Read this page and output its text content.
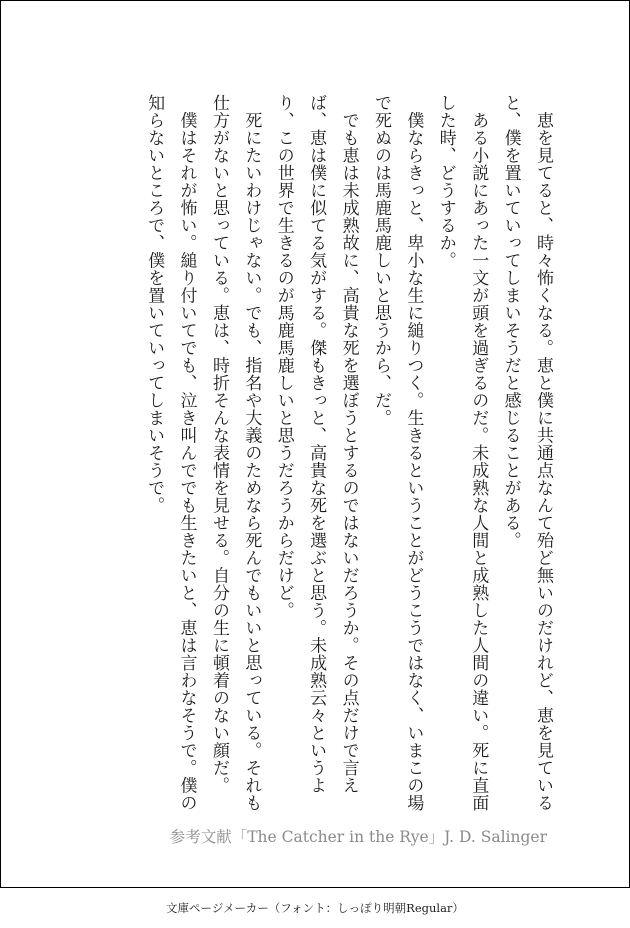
　恵を見てると、時々怖くなる。恵と僕に共通点なんて殆ど無いのだけれど、恵を見ていると、僕を置いていってしまいそうだと感じることがある。

　ある小説にあった一文が頭を過ぎるのだ。未成熟な人間と成熟した人間の違い。死に直面した時、どうするか。

　僕ならきっと、卑小な生に縋りつく。生きるということがどうこうではなく、いまこの場で死ぬのは馬鹿馬鹿しいと思うから、だ。

　でも恵は未成熟故に、高貴な死を選ぼうとするのではないだろうか。その点だけで言えば、恵は僕に似てる気がする。傑もきっと、高貴な死を選ぶと思う。未成熟云々というより、この世界で生きるのが馬鹿馬鹿しいと思うだろうからだけど。

　死にたいわけじゃない。でも、指名や大義のためなら死んでもいいと思っている。それも仕方がないと思っている。恵は、時折そんな表情を見せる。自分の生に頓着のない顔だ。

　僕はそれが怖い。縋り付いてでも、泣き叫んででも生きたいと、恵は言わなそうで。僕の知らないところで、僕を置いていってしまいそうで。

参考文献「The Catcher in the Rye」J. D. Salinger
文庫ページメーカー（フォント：しっぽり明朝Regular）
